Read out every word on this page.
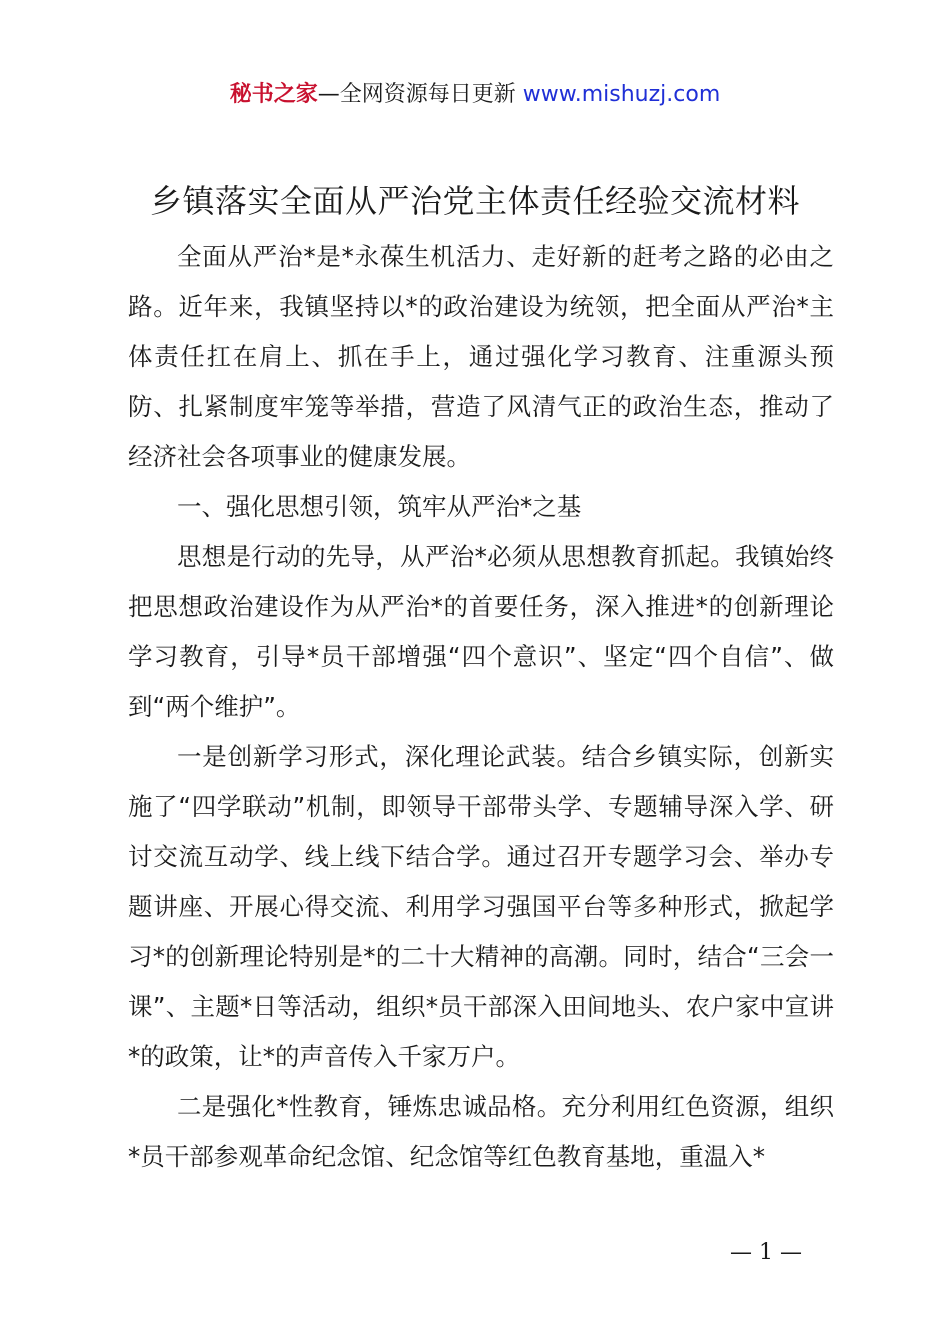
秘书之家—全网资源每日更新 www.mishuzj.com
乡镇落实全面从严治党主体责任经验交流材料

全面从严治*是*永葆生机活力、走好新的赶考之路的必由之路。近年来，我镇坚持以*的政治建设为统领，把全面从严治*主体责任扛在肩上、抓在手上，通过强化学习教育、注重源头预防、扎紧制度牢笼等举措，营造了风清气正的政治生态，推动了经济社会各项事业的健康发展。

一、强化思想引领，筑牢从严治*之基

思想是行动的先导，从严治*必须从思想教育抓起。我镇始终把思想政治建设作为从严治*的首要任务，深入推进*的创新理论学习教育，引导*员干部增强“四个意识”、坚定“四个自信”、做到“两个维护”。

一是创新学习形式，深化理论武装。结合乡镇实际，创新实施了“四学联动”机制，即领导干部带头学、专题辅导深入学、研讨交流互动学、线上线下结合学。通过召开专题学习会、举办专题讲座、开展心得交流、利用学习强国平台等多种形式，掀起学习*的创新理论特别是*的二十大精神的高潮。同时，结合“三会一课”、主题*日等活动，组织*员干部深入田间地头、农户家中宣讲*的政策，让*的声音传入千家万户。

二是强化*性教育，锤炼忠诚品格。充分利用红色资源，组织*员干部参观革命纪念馆、纪念馆等红色教育基地，重温入*

— 1 —
